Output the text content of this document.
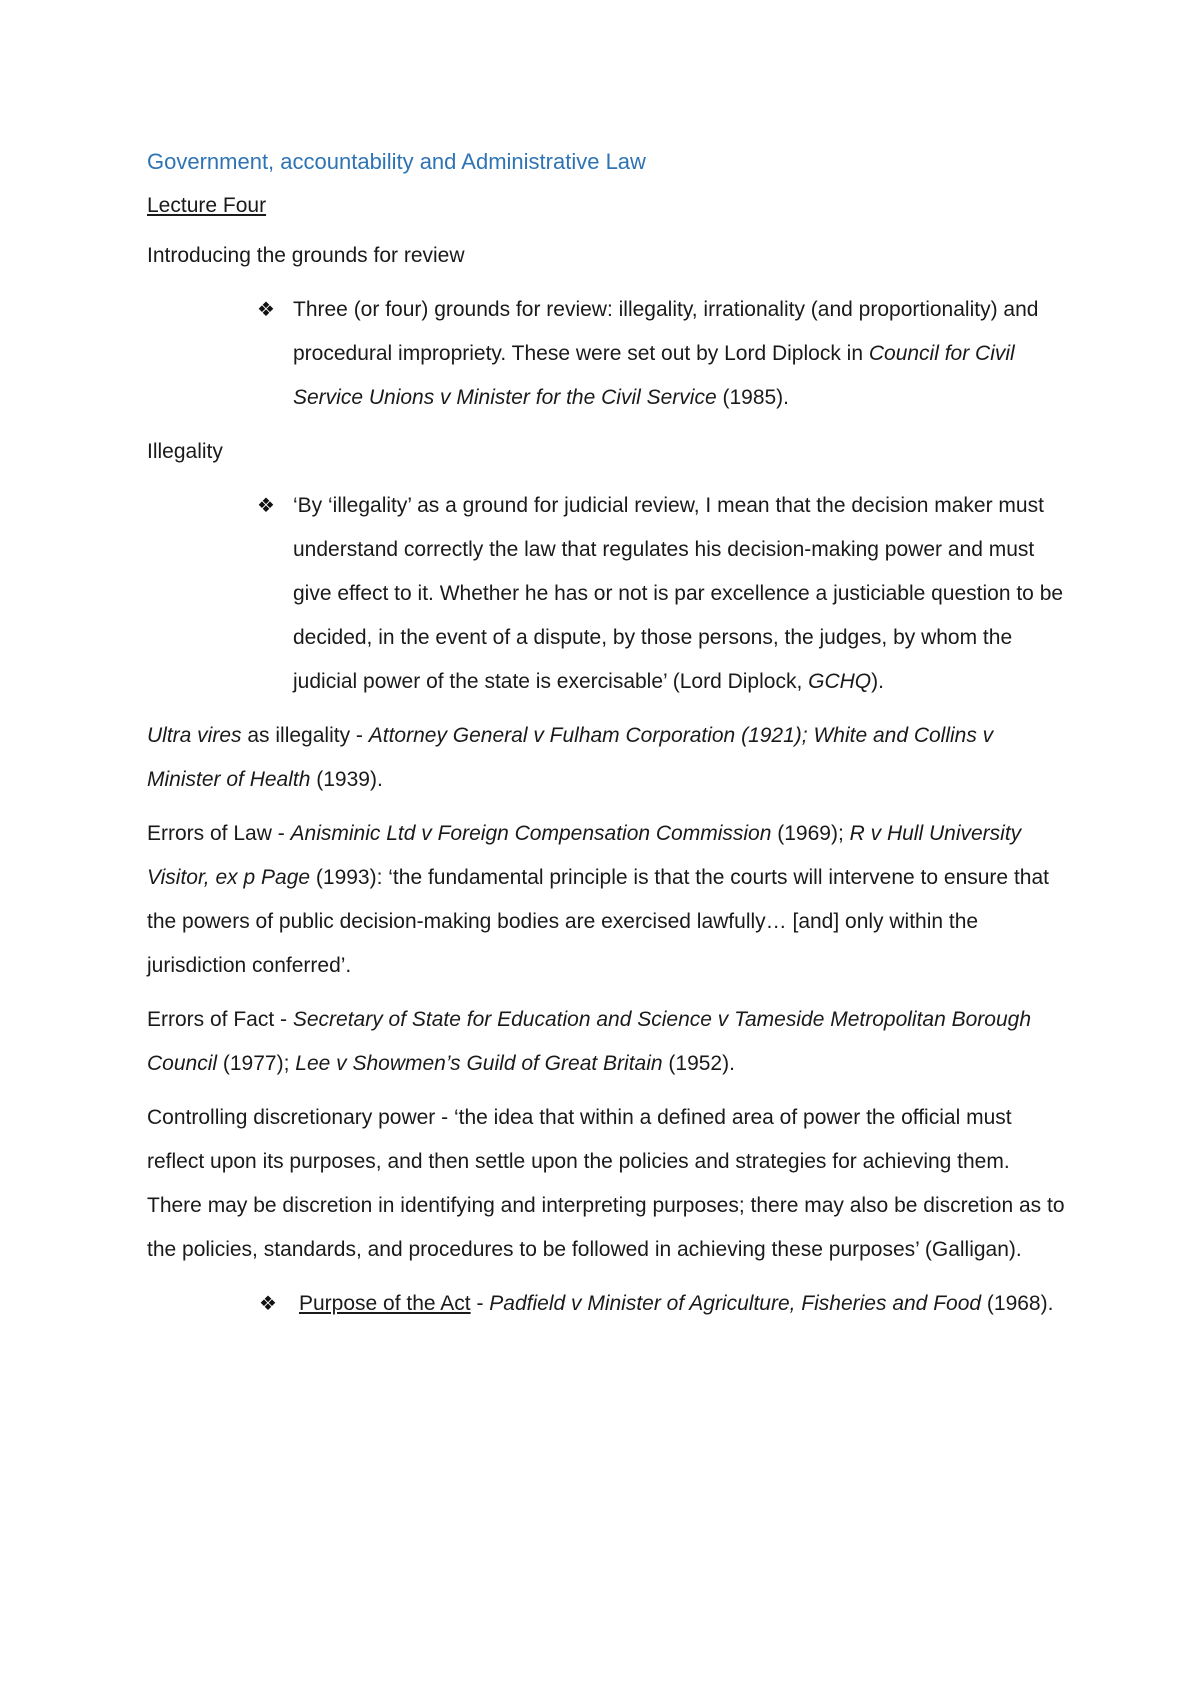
Government, accountability and Administrative Law
Lecture Four

Introducing the grounds for review

❖ Three (or four) grounds for review: illegality, irrationality (and proportionality) and procedural impropriety. These were set out by Lord Diplock in Council for Civil Service Unions v Minister for the Civil Service (1985).

Illegality

❖ ‘By ‘illegality’ as a ground for judicial review, I mean that the decision maker must understand correctly the law that regulates his decision-making power and must give effect to it. Whether he has or not is par excellence a justiciable question to be decided, in the event of a dispute, by those persons, the judges, by whom the judicial power of the state is exercisable’ (Lord Diplock, GCHQ).

Ultra vires as illegality - Attorney General v Fulham Corporation (1921); White and Collins v Minister of Health (1939).

Errors of Law - Anisminic Ltd v Foreign Compensation Commission (1969); R v Hull University Visitor, ex p Page (1993): ‘the fundamental principle is that the courts will intervene to ensure that the powers of public decision-making bodies are exercised lawfully… [and] only within the jurisdiction conferred’.

Errors of Fact - Secretary of State for Education and Science v Tameside Metropolitan Borough Council (1977); Lee v Showmen’s Guild of Great Britain (1952).

Controlling discretionary power - ‘the idea that within a defined area of power the official must reflect upon its purposes, and then settle upon the policies and strategies for achieving them. There may be discretion in identifying and interpreting purposes; there may also be discretion as to the policies, standards, and procedures to be followed in achieving these purposes’ (Galligan).

❖ Purpose of the Act - Padfield v Minister of Agriculture, Fisheries and Food (1968).
